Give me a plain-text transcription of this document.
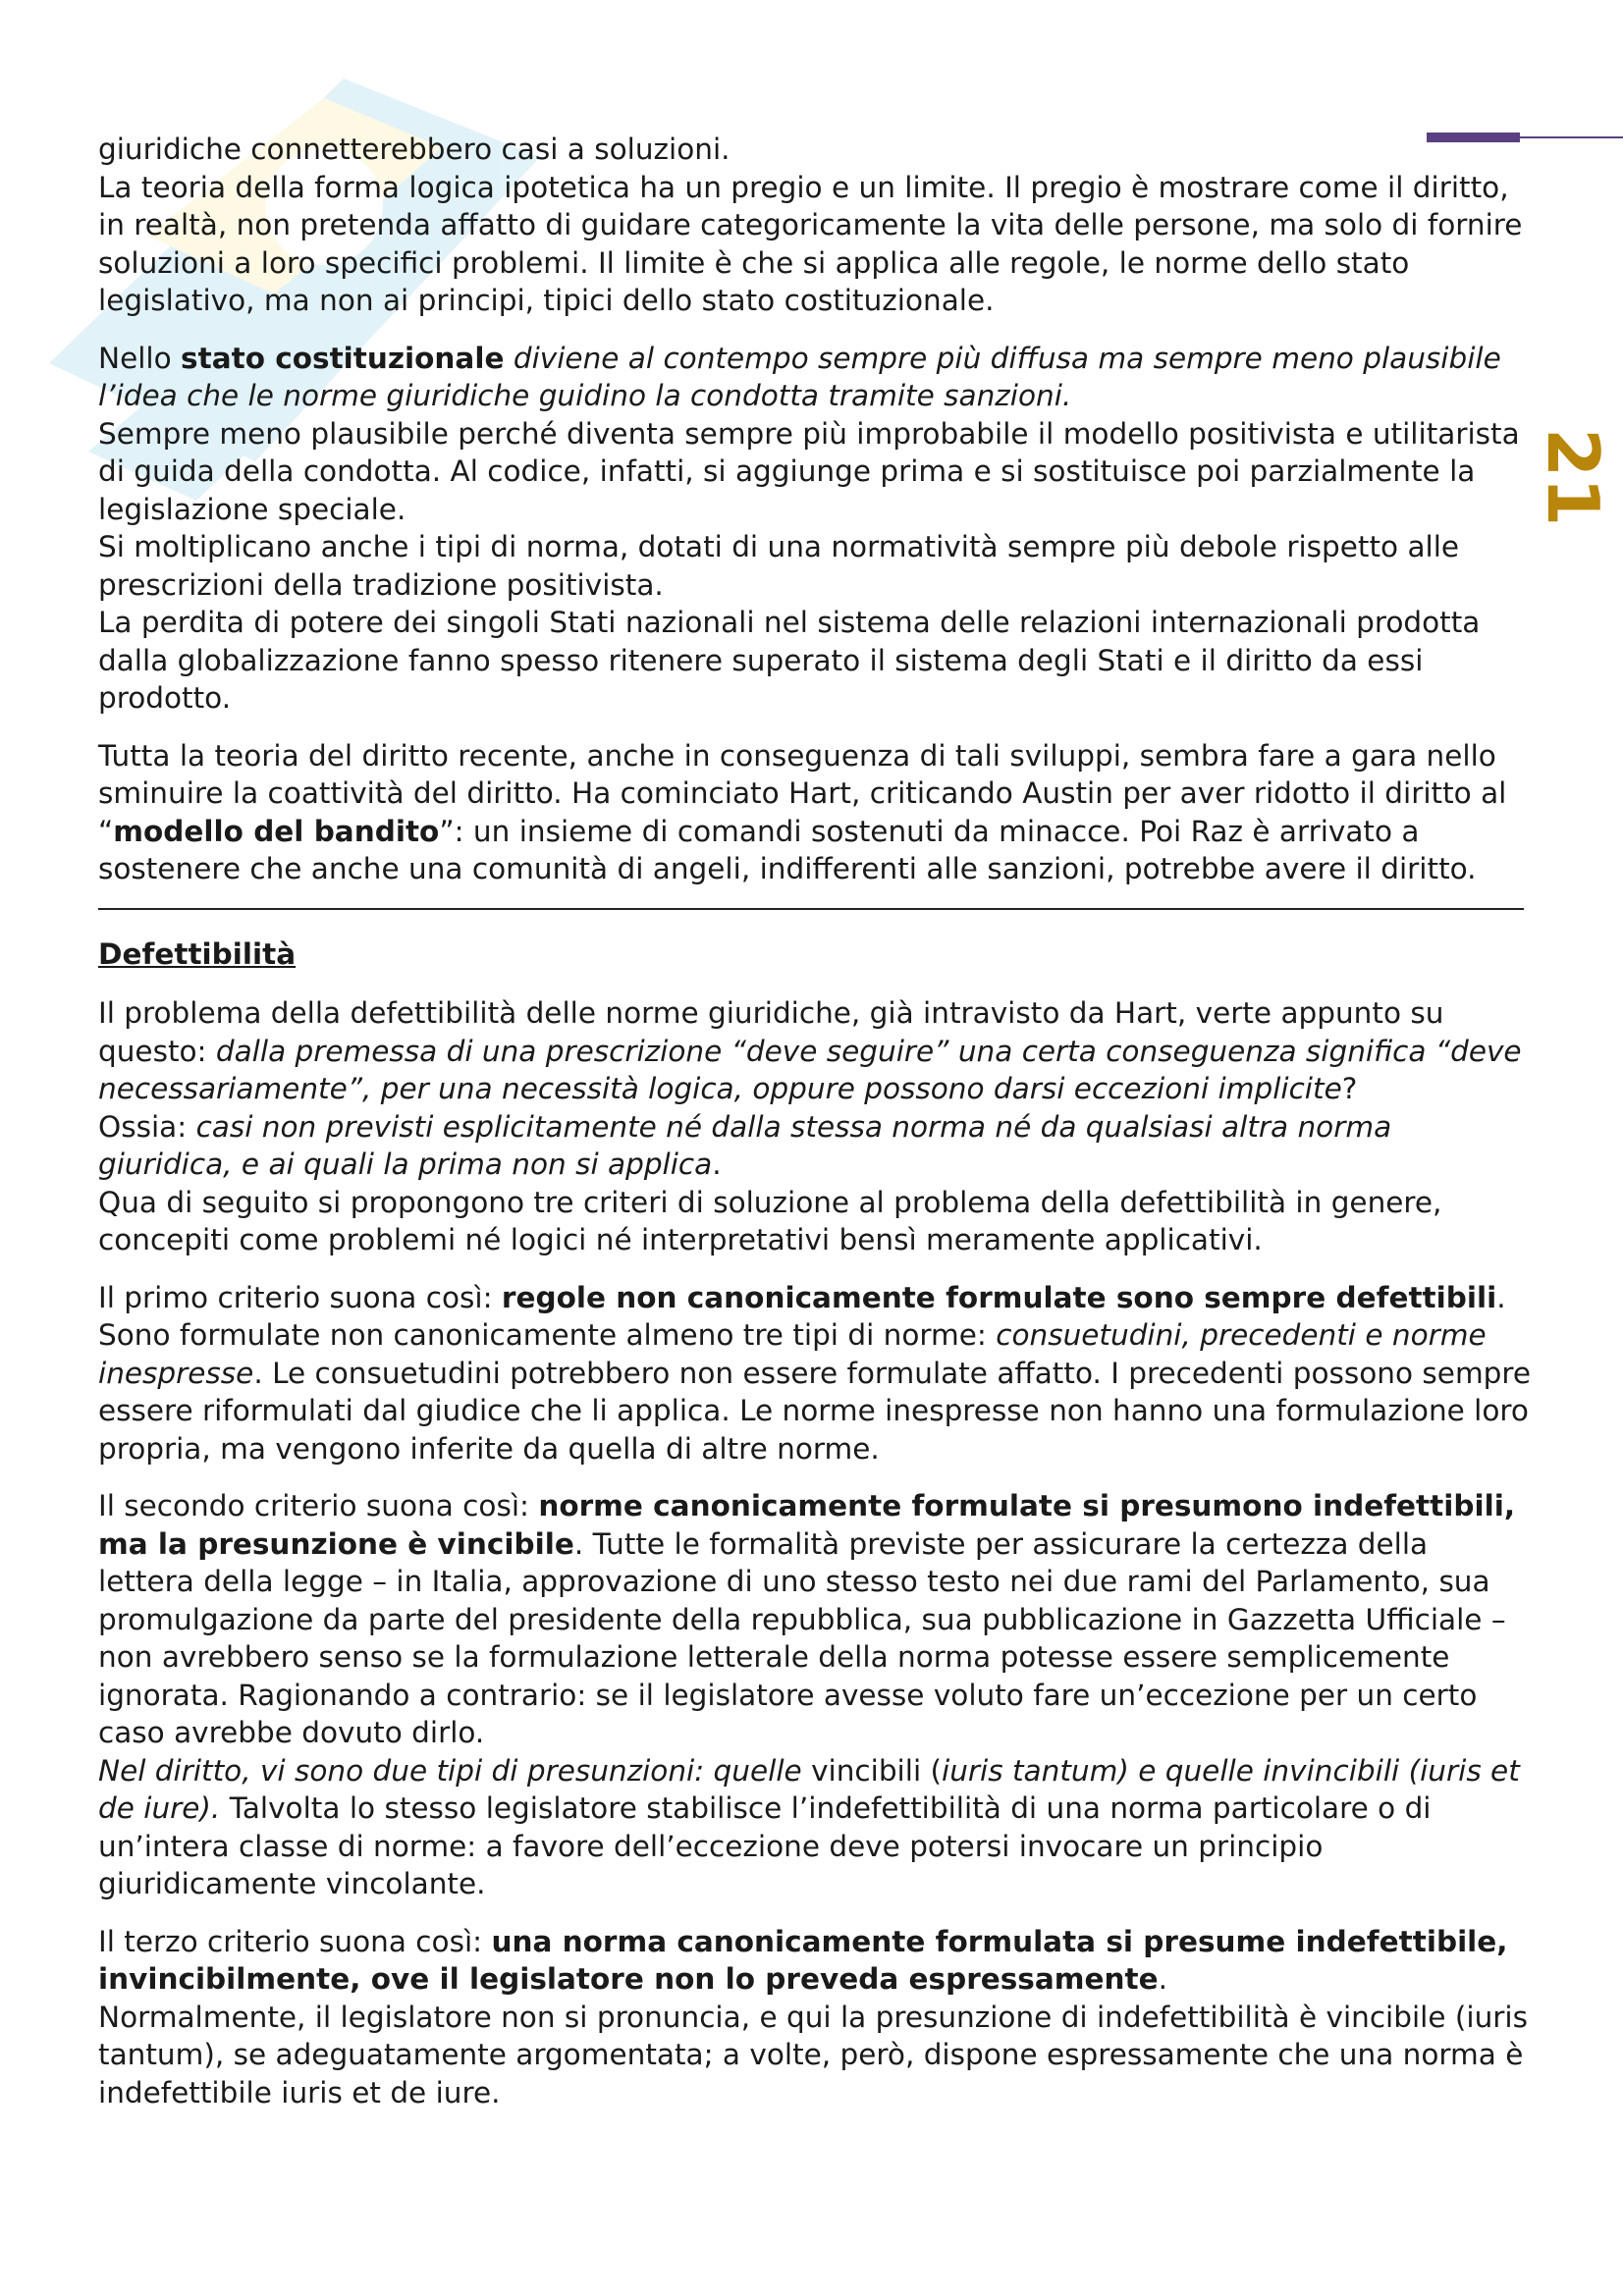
21

giuridiche connetterebbero casi a soluzioni.
La teoria della forma logica ipotetica ha un pregio e un limite. Il pregio è mostrare come il diritto, in realtà, non pretenda affatto di guidare categoricamente la vita delle persone, ma solo di fornire soluzioni a loro specifici problemi. Il limite è che si applica alle regole, le norme dello stato legislativo, ma non ai principi, tipici dello stato costituzionale.

Nello stato costituzionale diviene al contempo sempre più diffusa ma sempre meno plausibile l’idea che le norme giuridiche guidino la condotta tramite sanzioni.
Sempre meno plausibile perché diventa sempre più improbabile il modello positivista e utilitarista di guida della condotta. Al codice, infatti, si aggiunge prima e si sostituisce poi parzialmente la legislazione speciale.
Si moltiplicano anche i tipi di norma, dotati di una normatività sempre più debole rispetto alle prescrizioni della tradizione positivista.
La perdita di potere dei singoli Stati nazionali nel sistema delle relazioni internazionali prodotta dalla globalizzazione fanno spesso ritenere superato il sistema degli Stati e il diritto da essi prodotto.

Tutta la teoria del diritto recente, anche in conseguenza di tali sviluppi, sembra fare a gara nello sminuire la coattività del diritto. Ha cominciato Hart, criticando Austin per aver ridotto il diritto al “modello del bandito”: un insieme di comandi sostenuti da minacce. Poi Raz è arrivato a sostenere che anche una comunità di angeli, indifferenti alle sanzioni, potrebbe avere il diritto.

Defettibilità

Il problema della defettibilità delle norme giuridiche, già intravisto da Hart, verte appunto su questo: dalla premessa di una prescrizione “deve seguire” una certa conseguenza significa “deve necessariamente”, per una necessità logica, oppure possono darsi eccezioni implicite?
Ossia: casi non previsti esplicitamente né dalla stessa norma né da qualsiasi altra norma giuridica, e ai quali la prima non si applica.
Qua di seguito si propongono tre criteri di soluzione al problema della defettibilità in genere, concepiti come problemi né logici né interpretativi bensì meramente applicativi.

Il primo criterio suona così: regole non canonicamente formulate sono sempre defettibili. Sono formulate non canonicamente almeno tre tipi di norme: consuetudini, precedenti e norme inespresse. Le consuetudini potrebbero non essere formulate affatto. I precedenti possono sempre essere riformulati dal giudice che li applica. Le norme inespresse non hanno una formulazione loro propria, ma vengono inferite da quella di altre norme.

Il secondo criterio suona così: norme canonicamente formulate si presumono indefettibili, ma la presunzione è vincibile. Tutte le formalità previste per assicurare la certezza della lettera della legge – in Italia, approvazione di uno stesso testo nei due rami del Parlamento, sua promulgazione da parte del presidente della repubblica, sua pubblicazione in Gazzetta Ufficiale – non avrebbero senso se la formulazione letterale della norma potesse essere semplicemente ignorata. Ragionando a contrario: se il legislatore avesse voluto fare un’eccezione per un certo caso avrebbe dovuto dirlo.
Nel diritto, vi sono due tipi di presunzioni: quelle vincibili (iuris tantum) e quelle invincibili (iuris et de iure). Talvolta lo stesso legislatore stabilisce l’indefettibilità di una norma particolare o di un’intera classe di norme: a favore dell’eccezione deve potersi invocare un principio giuridicamente vincolante.

Il terzo criterio suona così: una norma canonicamente formulata si presume indefettibile, invincibilmente, ove il legislatore non lo preveda espressamente.
Normalmente, il legislatore non si pronuncia, e qui la presunzione di indefettibilità è vincibile (iuris tantum), se adeguatamente argomentata; a volte, però, dispone espressamente che una norma è indefettibile iuris et de iure.
